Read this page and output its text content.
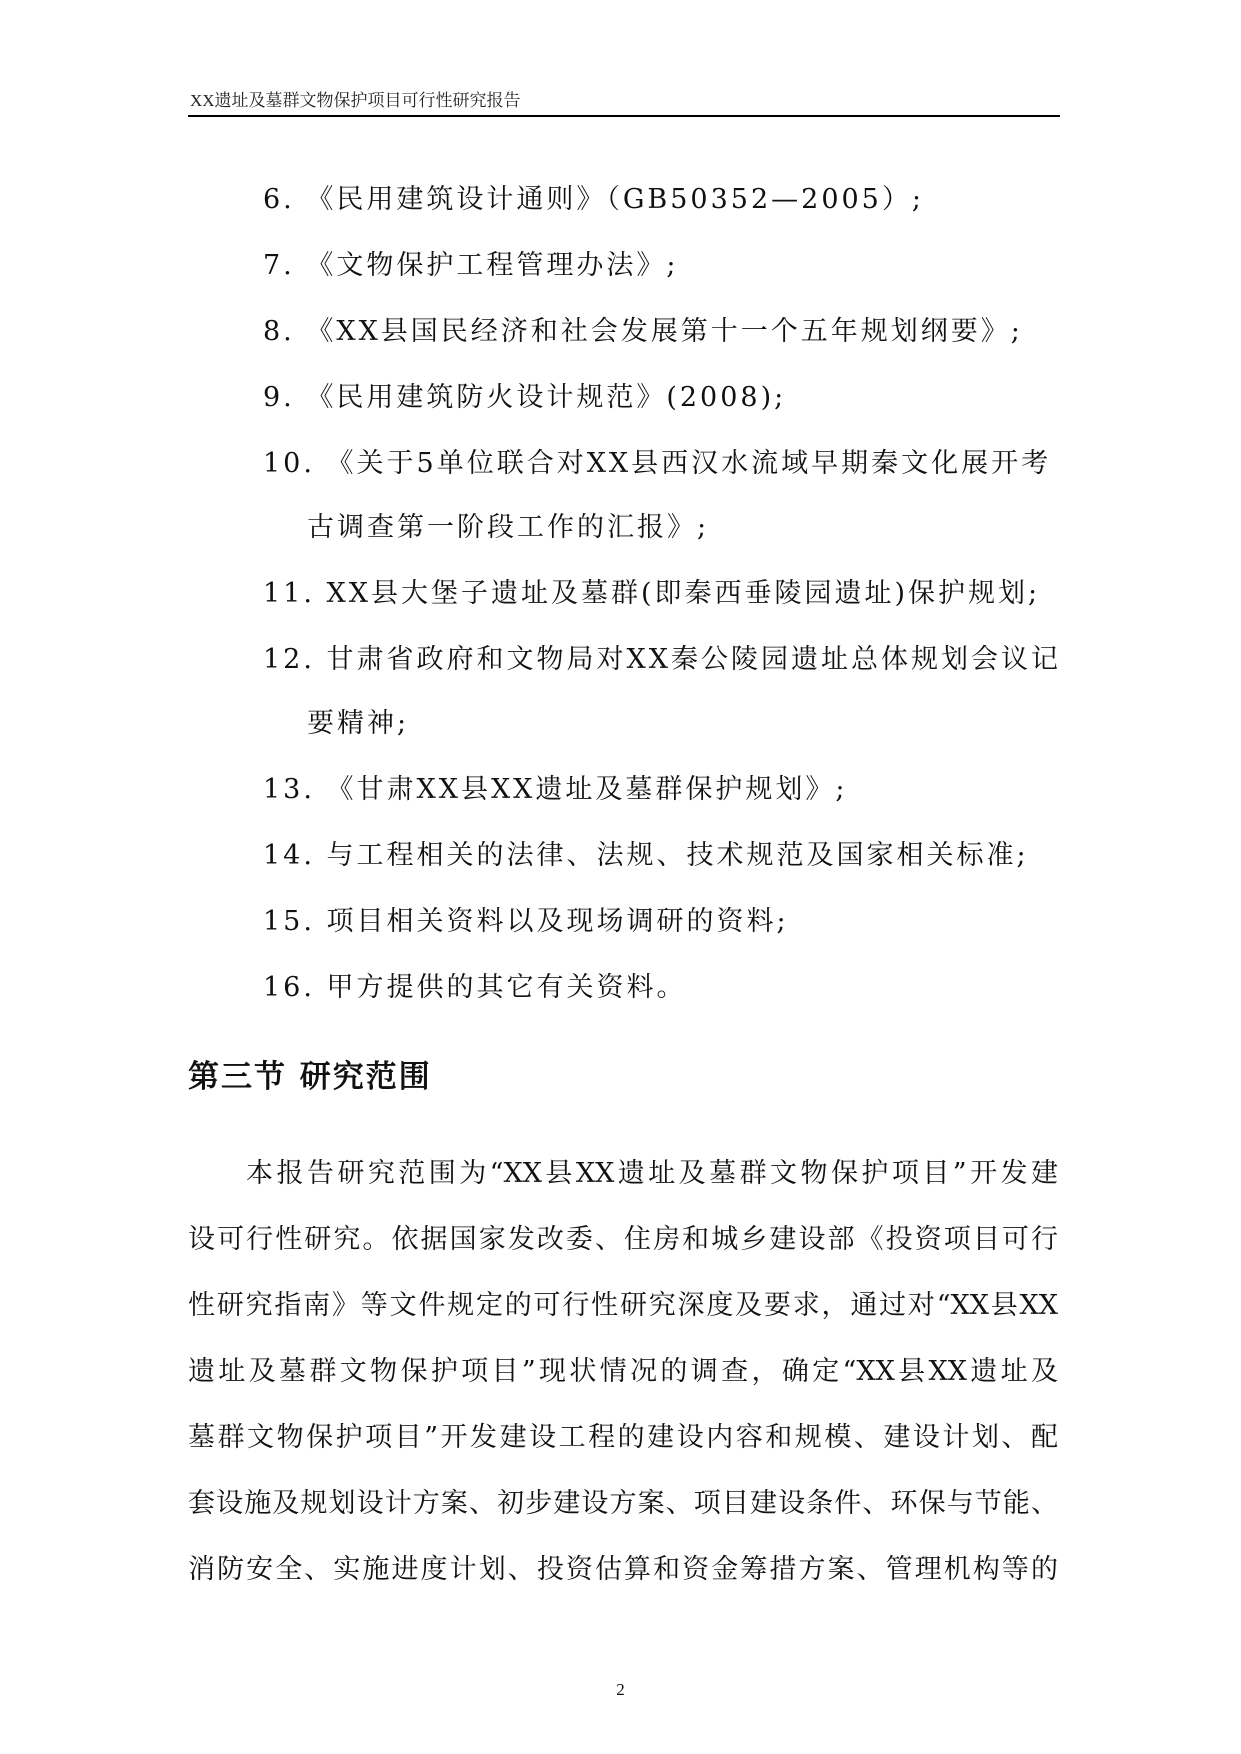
XX遗址及墓群文物保护项目可行性研究报告
6. 《民用建筑设计通则》（GB50352—2005）;
7. 《文物保护工程管理办法》;
8. 《XX县国民经济和社会发展第十一个五年规划纲要》;
9. 《民用建筑防火设计规范》(2008);
10. 《关于5单位联合对XX县西汉水流域早期秦文化展开考
古调查第一阶段工作的汇报》;
11. XX县大堡子遗址及墓群(即秦西垂陵园遗址)保护规划;
12. 甘肃省政府和文物局对XX秦公陵园遗址总体规划会议记
要精神;
13. 《甘肃XX县XX遗址及墓群保护规划》;
14. 与工程相关的法律、法规、技术规范及国家相关标准;
15. 项目相关资料以及现场调研的资料;
16. 甲方提供的其它有关资料。
第三节 研究范围
本报告研究范围为“XX县XX遗址及墓群文物保护项目”开发建
设可行性研究。依据国家发改委、住房和城乡建设部《投资项目可行
性研究指南》等文件规定的可行性研究深度及要求，通过对“XX县XX
遗址及墓群文物保护项目”现状情况的调查，确定“XX县XX遗址及
墓群文物保护项目”开发建设工程的建设内容和规模、建设计划、配
套设施及规划设计方案、初步建设方案、项目建设条件、环保与节能、
消防安全、实施进度计划、投资估算和资金筹措方案、管理机构等的
2
